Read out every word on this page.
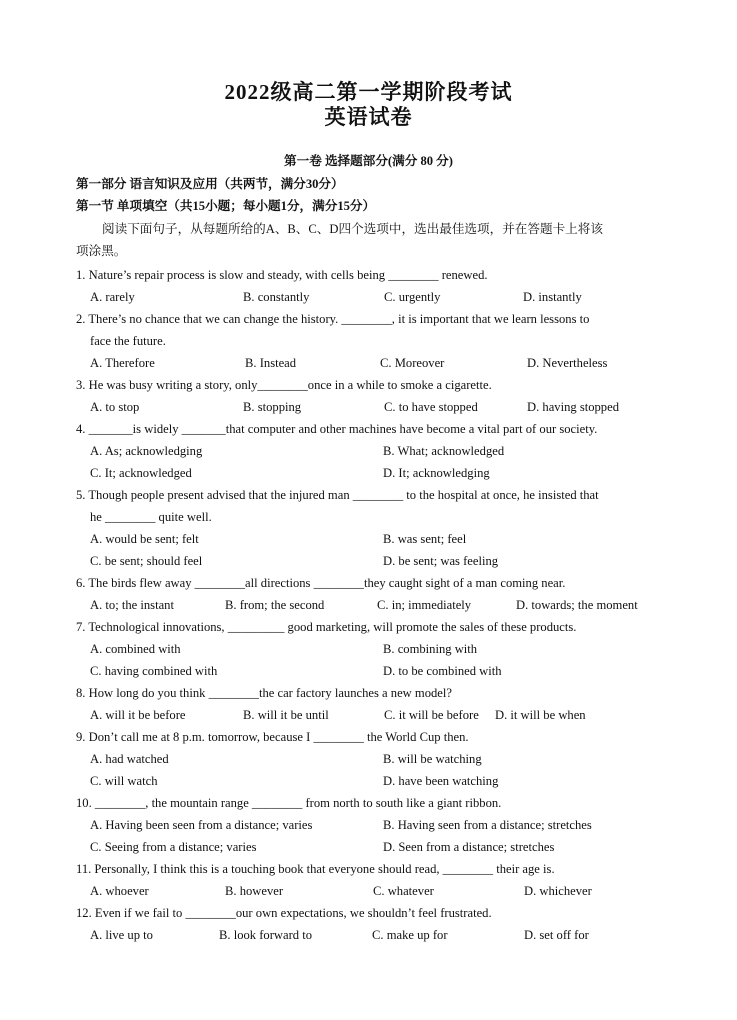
2022级高二第一学期阶段考试
英语试卷
第一卷 选择题部分(满分 80 分)
第一部分 语言知识及应用（共两节，满分30分）
第一节 单项填空（共15小题；每小题1分，满分15分）
阅读下面句子，从每题所给的A、B、C、D四个选项中，选出最佳选项，并在答题卡上将该
项涂黑。
1. Nature’s repair process is slow and steady, with cells being ________ renewed.
A. rarely	B. constantly	C. urgently	D. instantly
2. There’s no chance that we can change the history. ________, it is important that we learn lessons to
face the future.
A. Therefore	B. Instead	C. Moreover	D. Nevertheless
3. He was busy writing a story, only________once in a while to smoke a cigarette.
A. to stop	B. stopping	C. to have stopped	D. having stopped
4. _______is widely _______that computer and other machines have become a vital part of our society.
A. As; acknowledging	B. What; acknowledged
C. It; acknowledged	D. It; acknowledging
5. Though people present advised that the injured man ________ to the hospital at once, he insisted that
he ________ quite well.
A. would be sent; felt	B. was sent; feel
C. be sent; should feel	D. be sent; was feeling
6. The birds flew away ________all directions ________they caught sight of a man coming near.
A. to; the instant	B. from; the second	C. in; immediately	D. towards; the moment
7. Technological innovations, _________ good marketing, will promote the sales of these products.
A. combined with	B. combining with
C. having combined with	D. to be combined with
8. How long do you think ________the car factory launches a new model?
A. will it be before	B. will it be until	C. it will be before D. it will be when
9. Don’t call me at 8 p.m. tomorrow, because I ________ the World Cup then.
A. had watched	B. will be watching
C. will watch	D. have been watching
10. ________, the mountain range ________ from north to south like a giant ribbon.
A. Having been seen from a distance; varies	B. Having seen from a distance; stretches
C. Seeing from a distance; varies	D. Seen from a distance; stretches
11. Personally, I think this is a touching book that everyone should read, ________ their age is.
A. whoever	B. however	C. whatever	D. whichever
12. Even if we fail to ________our own expectations, we shouldn’t feel frustrated.
A. live up to	B. look forward to	C. make up for	D. set off for
